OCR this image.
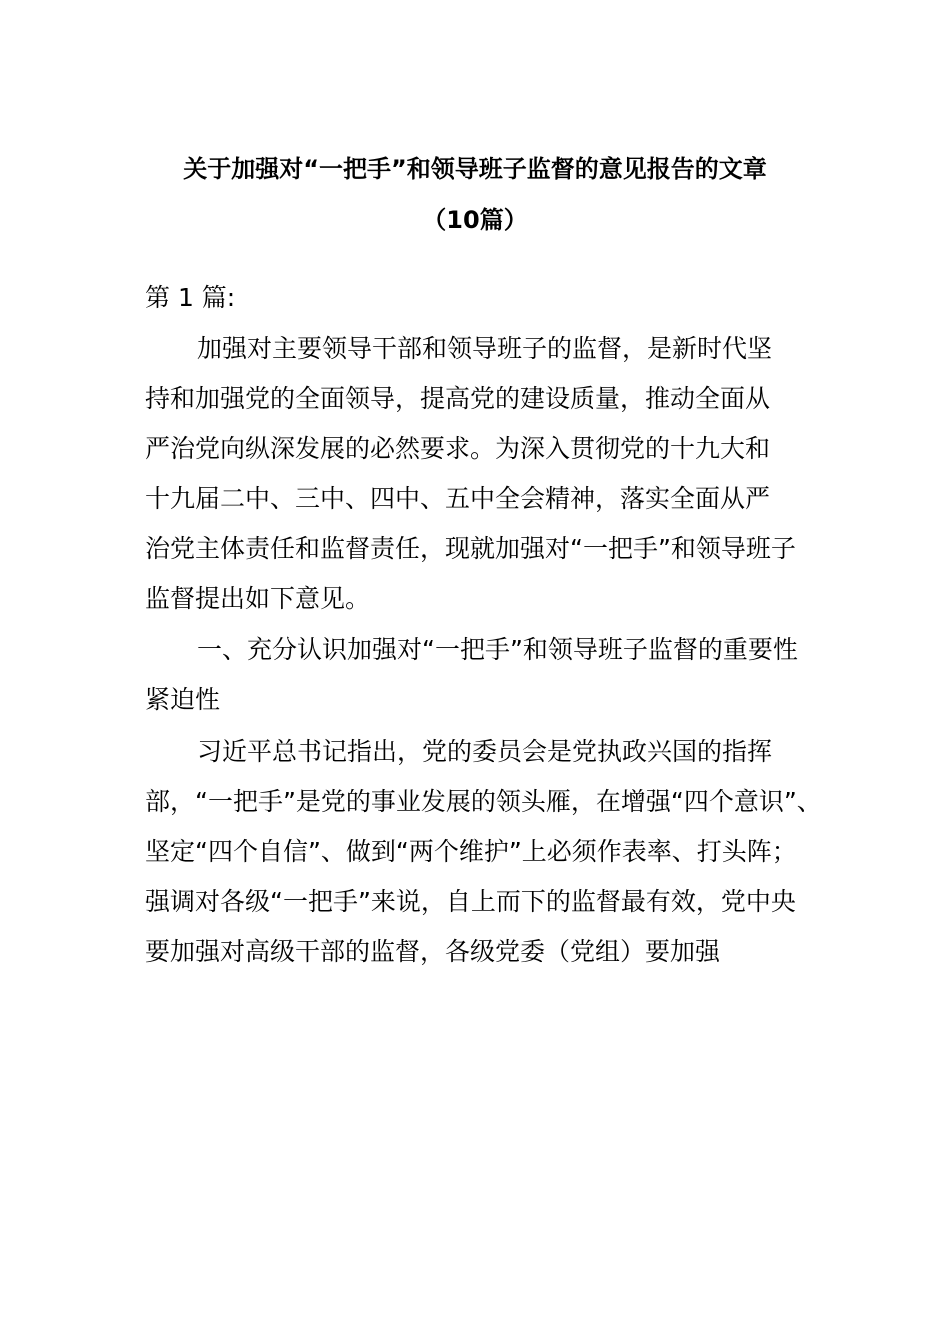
关于加强对“一把手”和领导班子监督的意见报告的文章
（10篇）
第 1 篇:
加强对主要领导干部和领导班子的监督，是新时代坚
持和加强党的全面领导，提高党的建设质量，推动全面从
严治党向纵深发展的必然要求。为深入贯彻党的十九大和
十九届二中、三中、四中、五中全会精神，落实全面从严
治党主体责任和监督责任，现就加强对“一把手”和领导班子
监督提出如下意见。
一、充分认识加强对“一把手”和领导班子监督的重要性
紧迫性
习近平总书记指出，党的委员会是党执政兴国的指挥
部，“一把手”是党的事业发展的领头雁，在增强“四个意识”、
坚定“四个自信”、做到“两个维护”上必须作表率、打头阵；
强调对各级“一把手”来说，自上而下的监督最有效，党中央
要加强对高级干部的监督，各级党委（党组）要加强
